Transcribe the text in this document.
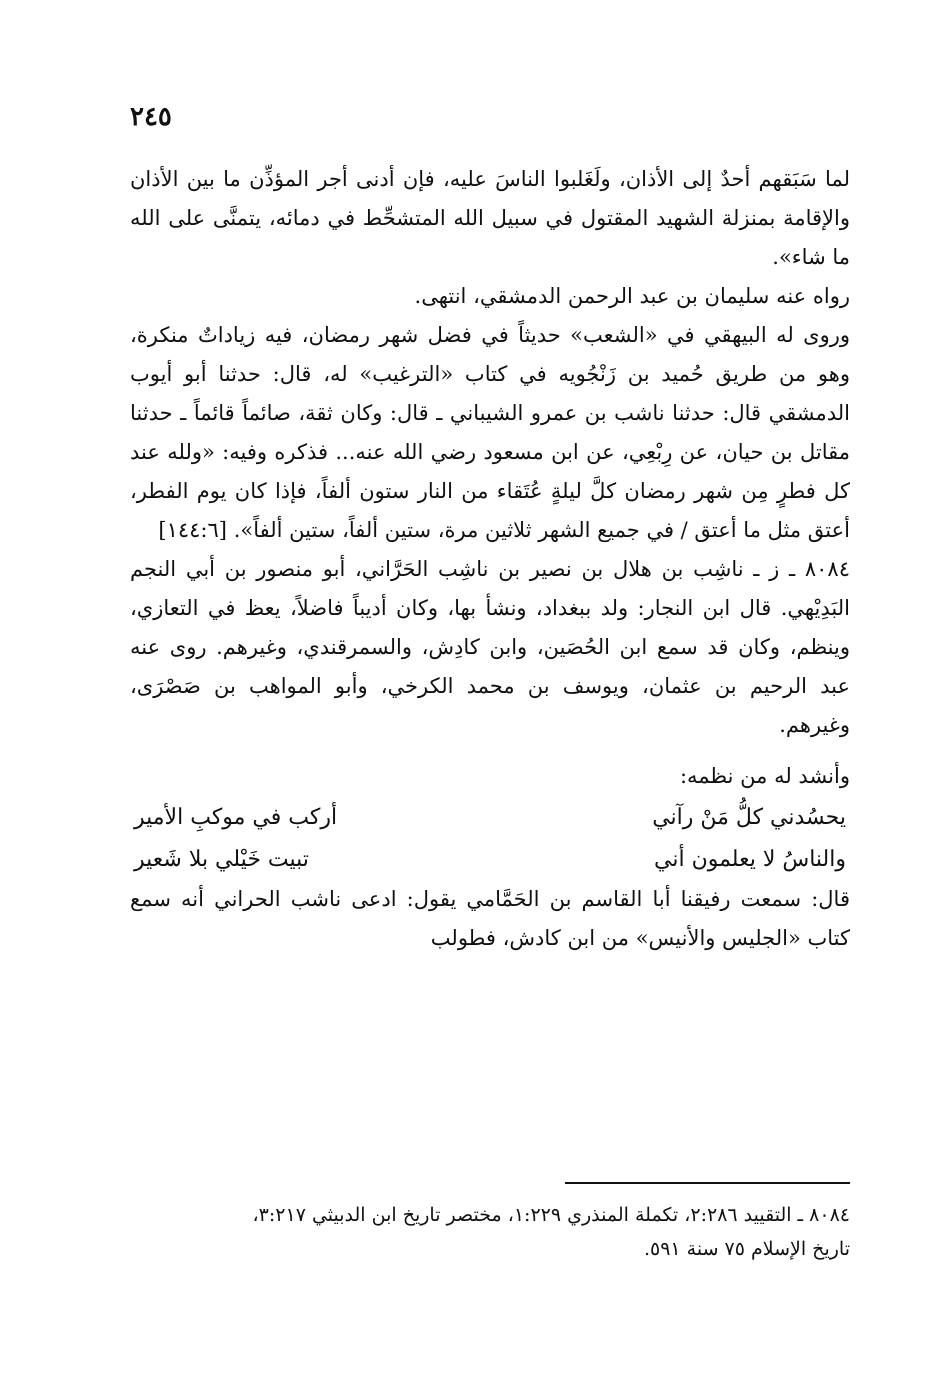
٢٤٥

لما سَبَقهم أحدٌ إلى الأذان، ولَغَلبوا الناسَ عليه، فإن أدنى أجر المؤذِّن ما بين الأذان والإقامة بمنزلة الشهيد المقتول في سبيل الله المتشحِّط في دمائه، يتمنَّى على الله ما شاء».

رواه عنه سليمان بن عبد الرحمن الدمشقي، انتهى.

وروى له البيهقي في «الشعب» حديثاً في فضل شهر رمضان، فيه زياداتٌ منكرة، وهو من طريق حُميد بن زَنْجُويه في كتاب «الترغيب» له، قال: حدثنا أبو أيوب الدمشقي قال: حدثنا ناشب بن عمرو الشيباني ـ قال: وكان ثقة، صائماً قائماً ـ حدثنا مقاتل بن حيان، عن رِبْعِي، عن ابن مسعود رضي الله عنه... فذكره وفيه: «ولله عند كل فطرٍ مِن شهر رمضان كلَّ ليلةٍ عُتَقاء من النار ستون ألفاً، فإذا كان يوم الفطر، أعتق مثل ما أعتق / في جميع الشهر ثلاثين مرة، ستين ألفاً، ستين ألفاً». [١٤٤:٦]

٨٠٨٤ ـ ز ـ ناشِب بن هلال بن نصير بن ناشِب الحَرَّاني، أبو منصور بن أبي النجم البَدِيْهي. قال ابن النجار: ولد ببغداد، ونشأ بها، وكان أديباً فاضلاً، يعظ في التعازي، وينظم، وكان قد سمع ابن الحُصَين، وابن كادِش، والسمرقندي، وغيرهم. روى عنه عبد الرحيم بن عثمان، ويوسف بن محمد الكرخي، وأبو المواهب بن صَصْرَى، وغيرهم.

وأنشد له من نظمه:

يحسُدني كلُّ مَنْ رآني	أركب في موكبِ الأمير
والناسُ لا يعلمون أني	تبيت خَيْلي بلا شَعير

قال: سمعت رفيقنا أبا القاسم بن الحَمَّامي يقول: ادعى ناشب الحراني أنه سمع كتاب «الجليس والأنيس» من ابن كادش، فطولب

٨٠٨٤ ـ التقييد ٢:٢٨٦، تكملة المنذري ١:٢٢٩، مختصر تاريخ ابن الدبيثي ٣:٢١٧،

تاريخ الإسلام ٧٥ سنة ٥٩١.
